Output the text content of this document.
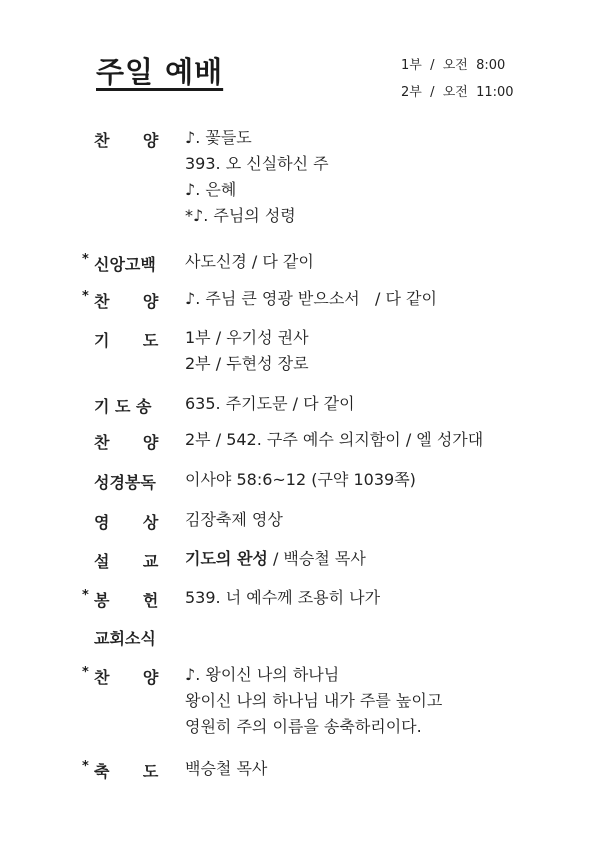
주일 예배	1부  /  오전  8:00
2부  /  오전  11:00
찬      양 ♪. 꽃들도
393. 오 신실하신 주
♪. 은혜
*♪. 주님의 성령
* 신앙고백 사도신경 / 다 같이
* 찬      양 ♪. 주님 큰 영광 받으소서   / 다 같이
기      도 1부 / 우기성 권사
2부 / 두현성 장로
기 도 송 635. 주기도문 / 다 같이
찬      양 2부 / 542. 구주 예수 의지함이 / 엘 성가대
성경봉독 이사야 58:6~12 (구약 1039쪽)
영      상 김장축제 영상
설      교 기도의 완성 / 백승철 목사
* 봉      헌 539. 너 예수께 조용히 나가
교회소식
* 찬      양 ♪. 왕이신 나의 하나님
왕이신 나의 하나님 내가 주를 높이고
영원히 주의 이름을 송축하리이다.
* 축      도 백승철 목사
